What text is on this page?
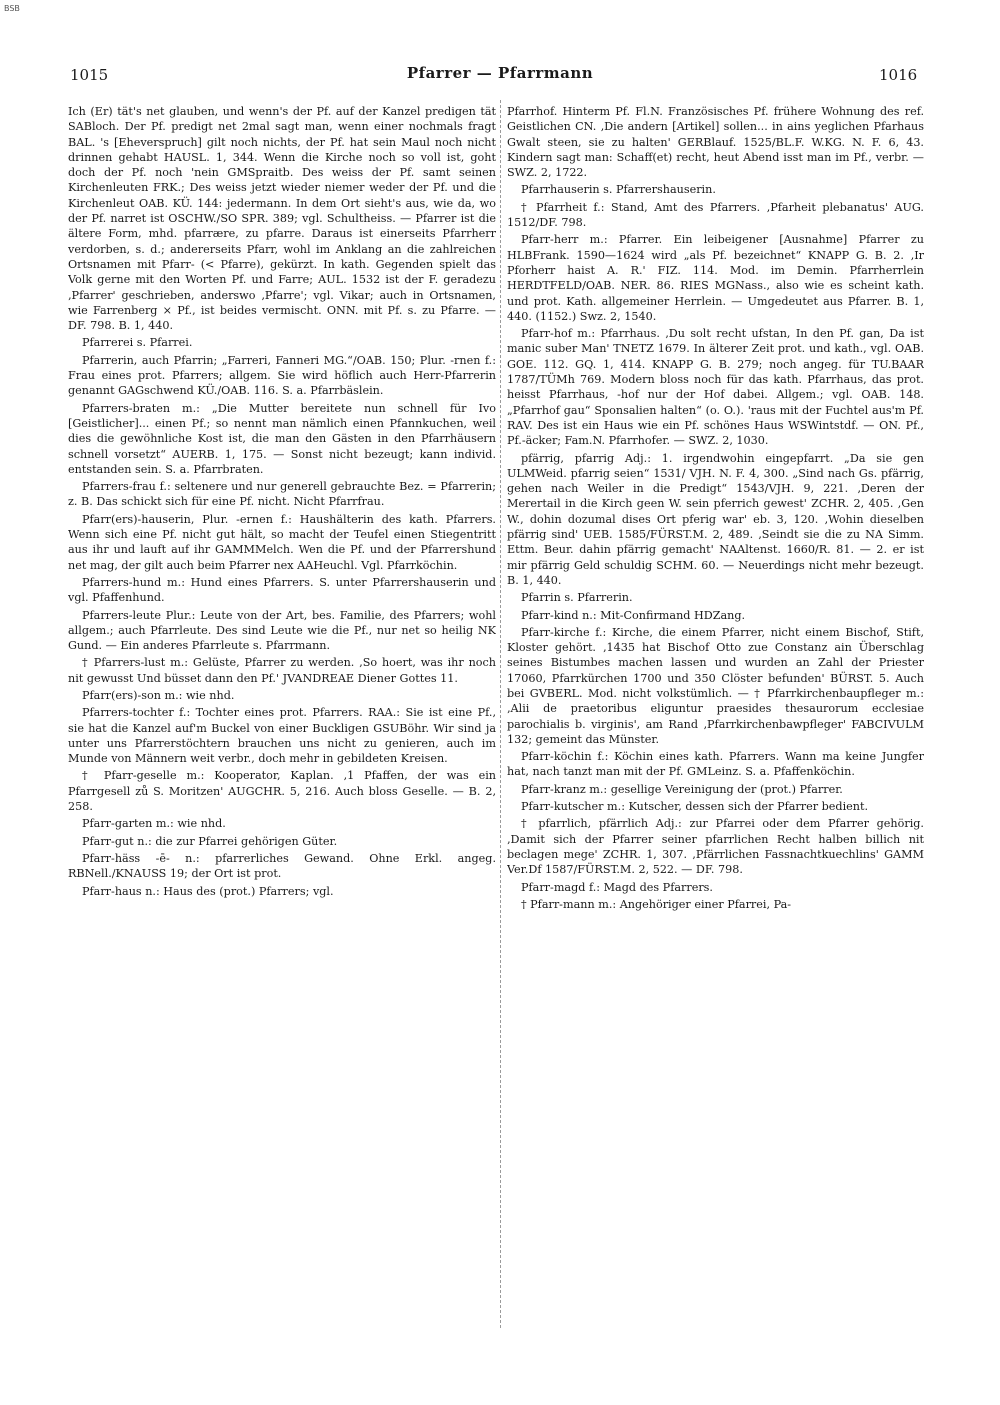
BSB
1015	Pfarrer — Pfarrmann	1016

Ich (Er) tät's net glauben, und wenn's der Pf. auf der Kanzel predigen tät SABloch. Der Pf. predigt net 2mal sagt man, wenn einer nochmals fragt BAL. 's [Eheverspruch] gilt noch nichts, der Pf. hat sein Maul noch nicht drinnen gehabt HAUSL. 1, 344. Wenn die Kirche noch so voll ist, goht doch der Pf. noch 'nein GMSpraitb. Des weiss der Pf. samt seinen Kirchenleuten FRK.; Des weiss jetzt wieder niemer weder der Pf. und die Kirchenleut OAB. KÜ. 144: jedermann. In dem Ort sieht's aus, wie da, wo der Pf. narret ist OSCHW./SO SPR. 389; vgl. Schultheiss. — Pfarrer ist die ältere Form, mhd. pfarrære, zu pfarre. Daraus ist einerseits Pfarrherr verdorben, s. d.; andererseits Pfarr, wohl im Anklang an die zahlreichen Ortsnamen mit Pfarr- (< Pfarre), gekürzt. In kath. Gegenden spielt das Volk gerne mit den Worten Pf. und Farre; AUL. 1532 ist der F. geradezu ‚Pfarrer' geschrieben, anderswo ‚Pfarre'; vgl. Vikar; auch in Ortsnamen, wie Farrenberg × Pf., ist beides vermischt. ONN. mit Pf. s. zu Pfarre. — DF. 798. B. 1, 440.

Pfarrerei s. Pfarrei.

Pfarrerin, auch Pfarrin; „Farreri, Fanneri MG.“/OAB. 150; Plur. -rnen f.: Frau eines prot. Pfarrers; allgem. Sie wird höflich auch Herr-Pfarrerin genannt GAGschwend KÜ./OAB. 116. S. a. Pfarrbäslein.

Pfarrers-braten m.: „Die Mutter bereitete nun schnell für Ivo [Geistlicher]... einen Pf.; so nennt man nämlich einen Pfannkuchen, weil dies die gewöhnliche Kost ist, die man den Gästen in den Pfarrhäusern schnell vorsetzt“ AUERB. 1, 175. — Sonst nicht bezeugt; kann individ. entstanden sein. S. a. Pfarrbraten.

Pfarrers-frau f.: seltenere und nur generell gebrauchte Bez. = Pfarrerin; z. B. Das schickt sich für eine Pf. nicht. Nicht Pfarrfrau.

Pfarr(ers)-hauserin, Plur. -ernen f.: Haushälterin des kath. Pfarrers. Wenn sich eine Pf. nicht gut hält, so macht der Teufel einen Stiegentritt aus ihr und lauft auf ihr GAMMMelch. Wen die Pf. und der Pfarrershund net mag, der gilt auch beim Pfarrer nex AAHeuchl. Vgl. Pfarrköchin.

Pfarrers-hund m.: Hund eines Pfarrers. S. unter Pfarrershauserin und vgl. Pfaffenhund.

Pfarrers-leute Plur.: Leute von der Art, bes. Familie, des Pfarrers; wohl allgem.; auch Pfarrleute. Des sind Leute wie die Pf., nur net so heilig NK Gund. — Ein anderes Pfarrleute s. Pfarrmann.

† Pfarrers-lust m.: Gelüste, Pfarrer zu werden. ‚So hoert, was ihr noch nit gewusst Und büsset dann den Pf.' JVANDREAE Diener Gottes 11.

Pfarr(ers)-son m.: wie nhd.

Pfarrers-tochter f.: Tochter eines prot. Pfarrers. RAA.: Sie ist eine Pf., sie hat die Kanzel auf'm Buckel von einer Buckligen GSUBöhr. Wir sind ja unter uns Pfarrerstöchtern brauchen uns nicht zu genieren, auch im Munde von Männern weit verbr., doch mehr in gebildeten Kreisen.

† Pfarr-geselle m.: Kooperator, Kaplan. ‚1 Pfaffen, der was ein Pfarrgesell zů S. Moritzen' AUGCHR. 5, 216. Auch bloss Geselle. — B. 2, 258.

Pfarr-garten m.: wie nhd.

Pfarr-gut n.: die zur Pfarrei gehörigen Güter.

Pfarr-häss -ē- n.: pfarrerliches Gewand. Ohne Erkl. angeg. RBNell./KNAUSS 19; der Ort ist prot.

Pfarr-haus n.: Haus des (prot.) Pfarrers; vgl.

Pfarrhof. Hinterm Pf. Fl.N. Französisches Pf. frühere Wohnung des ref. Geistlichen CN. ‚Die andern [Artikel] sollen... in ains yeglichen Pfarhaus Gwalt steen, sie zu halten' GERBlauf. 1525/BL.F. W.KG. N. F. 6, 43. Kindern sagt man: Schaff(et) recht, heut Abend isst man im Pf., verbr. — SWZ. 2, 1722.

Pfarrhauserin s. Pfarrershauserin.

† Pfarrheit f.: Stand, Amt des Pfarrers. ‚Pfarheit plebanatus' AUG. 1512/DF. 798.

Pfarr-herr m.: Pfarrer. Ein leibeigener [Ausnahme] Pfarrer zu HLBFrank. 1590—1624 wird „als Pf. bezeichnet“ KNAPP G. B. 2. ‚Ir Pforherr haist A. R.' FIZ. 114. Mod. im Demin. Pfarrherrlein HERDTFELD/OAB. NER. 86. RIES MGNass., also wie es scheint kath. und prot. Kath. allgemeiner Herrlein. — Umgedeutet aus Pfarrer. B. 1, 440. (1152.) Swz. 2, 1540.

Pfarr-hof m.: Pfarrhaus. ‚Du solt recht ufstan, In den Pf. gan, Da ist manic suber Man' TNETZ 1679. In älterer Zeit prot. und kath., vgl. OAB. GOE. 112. GQ. 1, 414. KNAPP G. B. 279; noch angeg. für TU.BAAR 1787/TÜMh 769. Modern bloss noch für das kath. Pfarrhaus, das prot. heisst Pfarrhaus, -hof nur der Hof dabei. Allgem.; vgl. OAB. 148. „Pfarrhof gau“ Sponsalien halten“ (o. O.). 'raus mit der Fuchtel aus'm Pf. RAV. Des ist ein Haus wie ein Pf. schönes Haus WSWintstdf. — ON. Pf., Pf.-äcker; Fam.N. Pfarrhofer. — SWZ. 2, 1030.

pfärrig, pfarrig Adj.: 1. irgendwohin eingepfarrt. „Da sie gen ULMWeid. pfarrig seien“ 1531/ VJH. N. F. 4, 300. „Sind nach Gs. pfärrig, gehen nach Weiler in die Predigt“ 1543/VJH. 9, 221. ‚Deren der Merertail in die Kirch geen W. sein pferrich gewest' ZCHR. 2, 405. ‚Gen W., dohin dozumal dises Ort pferig war' eb. 3, 120. ‚Wohin dieselben pfärrig sind' UEB. 1585/FÜRST.M. 2, 489. ‚Seindt sie die zu NA Simm. Ettm. Beur. dahin pfärrig gemacht' NAAltenst. 1660/R. 81. — 2. er ist mir pfärrig Geld schuldig SCHM. 60. — Neuerdings nicht mehr bezeugt. B. 1, 440.

Pfarrin s. Pfarrerin.

Pfarr-kind n.: Mit-Confirmand HDZang.

Pfarr-kirche f.: Kirche, die einem Pfarrer, nicht einem Bischof, Stift, Kloster gehört. ‚1435 hat Bischof Otto zue Constanz ain Überschlag seines Bistumbes machen lassen und wurden an Zahl der Priester 17060, Pfarrkürchen 1700 und 350 Clöster befunden' BÜRST. 5. Auch bei GVBERL. Mod. nicht volkstümlich. — † Pfarrkirchenbaupfleger m.: ‚Alii de praetoribus eliguntur praesides thesaurorum ecclesiae parochialis b. virginis', am Rand ‚Pfarrkirchenbawpfleger' FABCIVULM 132; gemeint das Münster.

Pfarr-köchin f.: Köchin eines kath. Pfarrers. Wann ma keine Jungfer hat, nach tanzt man mit der Pf. GMLeinz. S. a. Pfaffenköchin.

Pfarr-kranz m.: gesellige Vereinigung der (prot.) Pfarrer.

Pfarr-kutscher m.: Kutscher, dessen sich der Pfarrer bedient.

† pfarrlich, pfärrlich Adj.: zur Pfarrei oder dem Pfarrer gehörig. ‚Damit sich der Pfarrer seiner pfarrlichen Recht halben billich nit beclagen mege' ZCHR. 1, 307. ‚Pfärrlichen Fassnachtkuechlins' GAMM Ver.Df 1587/FÜRST.M. 2, 522. — DF. 798.

Pfarr-magd f.: Magd des Pfarrers.

† Pfarr-mann m.: Angehöriger einer Pfarrei, Pa-
